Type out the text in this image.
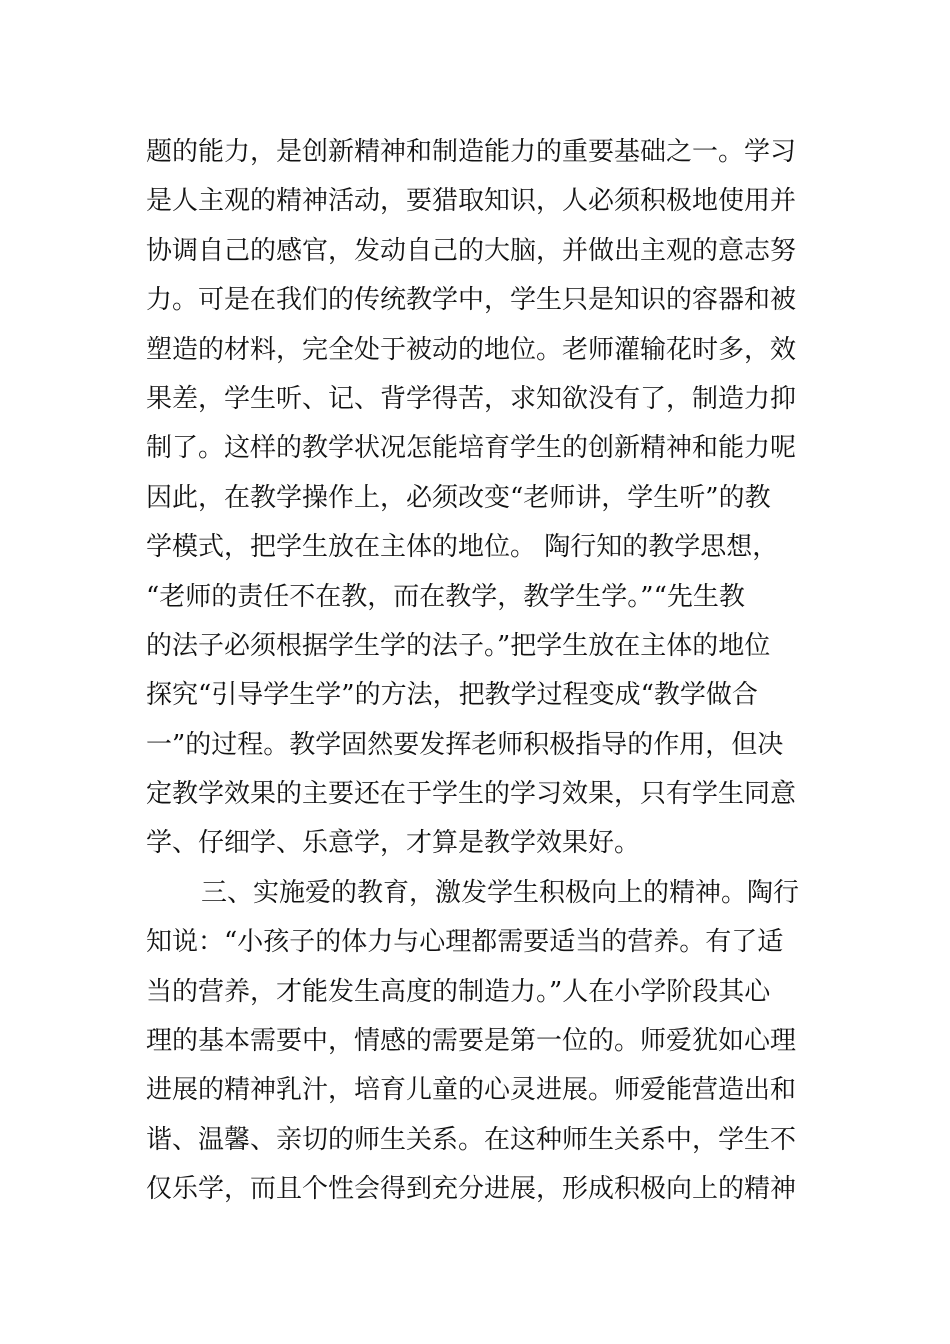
题的能力，是创新精神和制造能力的重要基础之一。学习
是人主观的精神活动，要猎取知识，人必须积极地使用并
协调自己的感官，发动自己的大脑，并做出主观的意志努
力。可是在我们的传统教学中，学生只是知识的容器和被
塑造的材料，完全处于被动的地位。老师灌输花时多，效
果差，学生听、记、背学得苦，求知欲没有了，制造力抑
制了。这样的教学状况怎能培育学生的创新精神和能力呢
因此，在教学操作上，必须改变“老师讲，学生听”的教
学模式，把学生放在主体的地位。 陶行知的教学思想，
“老师的责任不在教，而在教学，教学生学。”“先生教
的法子必须根据学生学的法子。”把学生放在主体的地位
探究“引导学生学”的方法，把教学过程变成“教学做合
一”的过程。教学固然要发挥老师积极指导的作用，但决
定教学效果的主要还在于学生的学习效果，只有学生同意
学、仔细学、乐意学，才算是教学效果好。
三、实施爱的教育，激发学生积极向上的精神。陶行
知说：“小孩子的体力与心理都需要适当的营养。有了适
当的营养，才能发生高度的制造力。”人在小学阶段其心
理的基本需要中，情感的需要是第一位的。师爱犹如心理
进展的精神乳汁，培育儿童的心灵进展。师爱能营造出和
谐、温馨、亲切的师生关系。在这种师生关系中，学生不
仅乐学，而且个性会得到充分进展，形成积极向上的精神
